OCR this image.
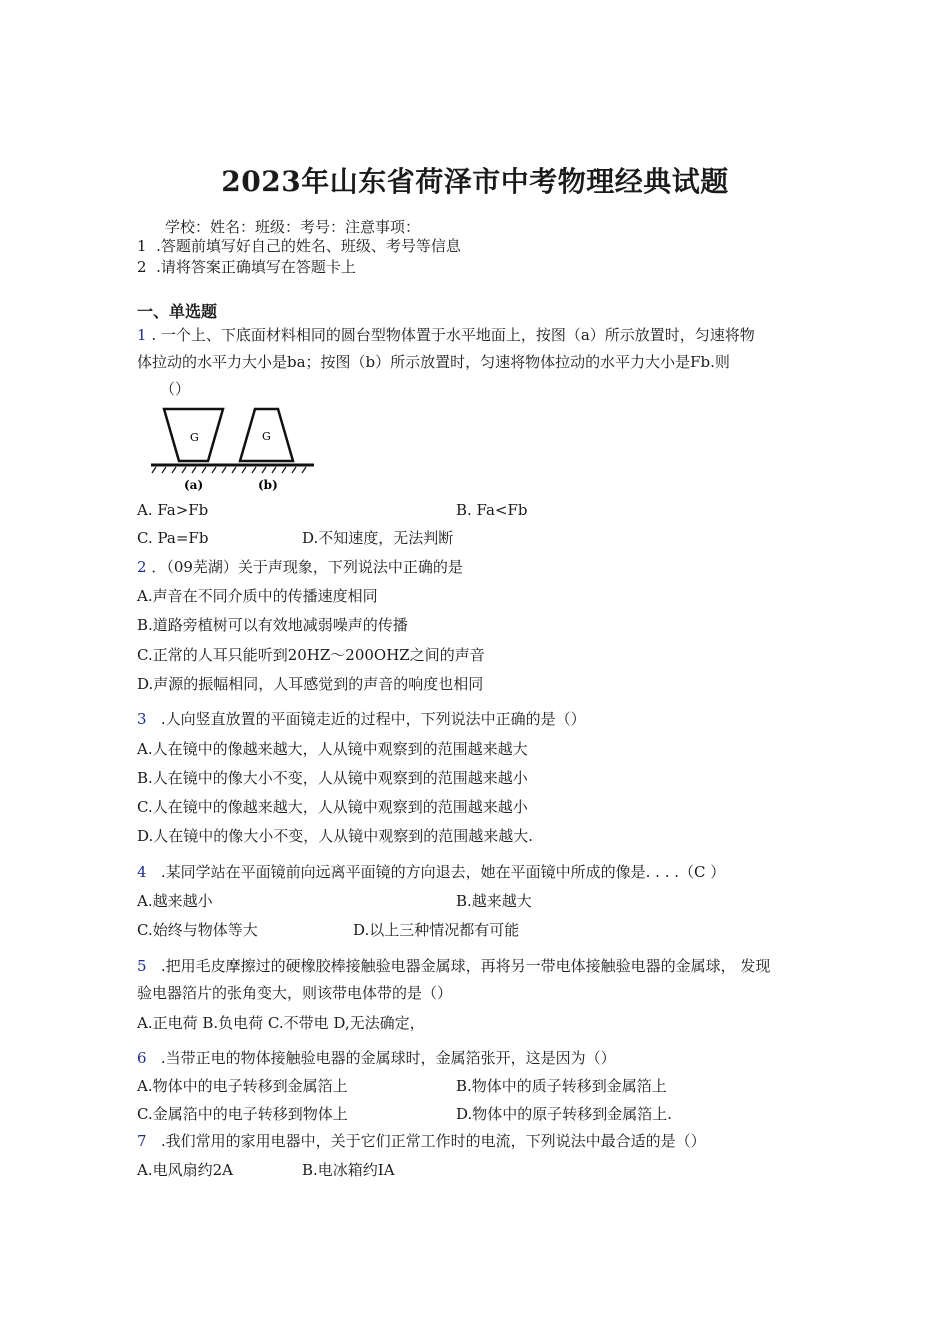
2023年山东省荷泽市中考物理经典试题
学校：姓名：班级：考号：注意事项：
1 .答题前填写好自己的姓名、班级、考号等信息
2 .请将答案正确填写在答题卡上
一、单选题
1 . 一个上、下底面材料相同的圆台型物体置于水平地面上，按图（a）所示放置时，匀速将物
体拉动的水平力大小是ba；按图（b）所示放置时，匀速将物体拉动的水平力大小是Fb.则
（）
G	G
(a)	(b)
A. Fa>Fb	B. Fa<Fb
C. Pa=Fb	D.不知速度，无法判断
2 ．（09芜湖）关于声现象，下列说法中正确的是
A.声音在不同介质中的传播速度相同
B.道路旁植树可以有效地减弱噪声的传播
C.正常的人耳只能听到20HZ〜200OHZ之间的声音
D.声源的振幅相同，人耳感觉到的声音的响度也相同
3 .人向竖直放置的平面镜走近的过程中，下列说法中正确的是（）
A.人在镜中的像越来越大，人从镜中观察到的范围越来越大
B.人在镜中的像大小不变，人从镜中观察到的范围越来越小
C.人在镜中的像越来越大，人从镜中观察到的范围越来越小
D.人在镜中的像大小不变，人从镜中观察到的范围越来越大.
4 .某同学站在平面镜前向远离平面镜的方向退去，她在平面镜中所成的像是. . . .（C ）
A.越来越小	B.越来越大
C.始终与物体等大	D.以上三种情况都有可能
5 .把用毛皮摩擦过的硬橡胶棒接触验电器金属球，再将另一带电体接触验电器的金属球， 发现
验电器箔片的张角变大，则该带电体带的是（）
A.正电荷 B.负电荷 C.不带电 D,无法确定，
6 .当带正电的物体接触验电器的金属球时，金属箔张开，这是因为（）
A.物体中的电子转移到金属箔上	B.物体中的质子转移到金属箔上
C.金属箔中的电子转移到物体上	D.物体中的原子转移到金属箔上.
7 .我们常用的家用电器中，关于它们正常工作时的电流，下列说法中最合适的是（）
A.电风扇约2A	B.电冰箱约IA
